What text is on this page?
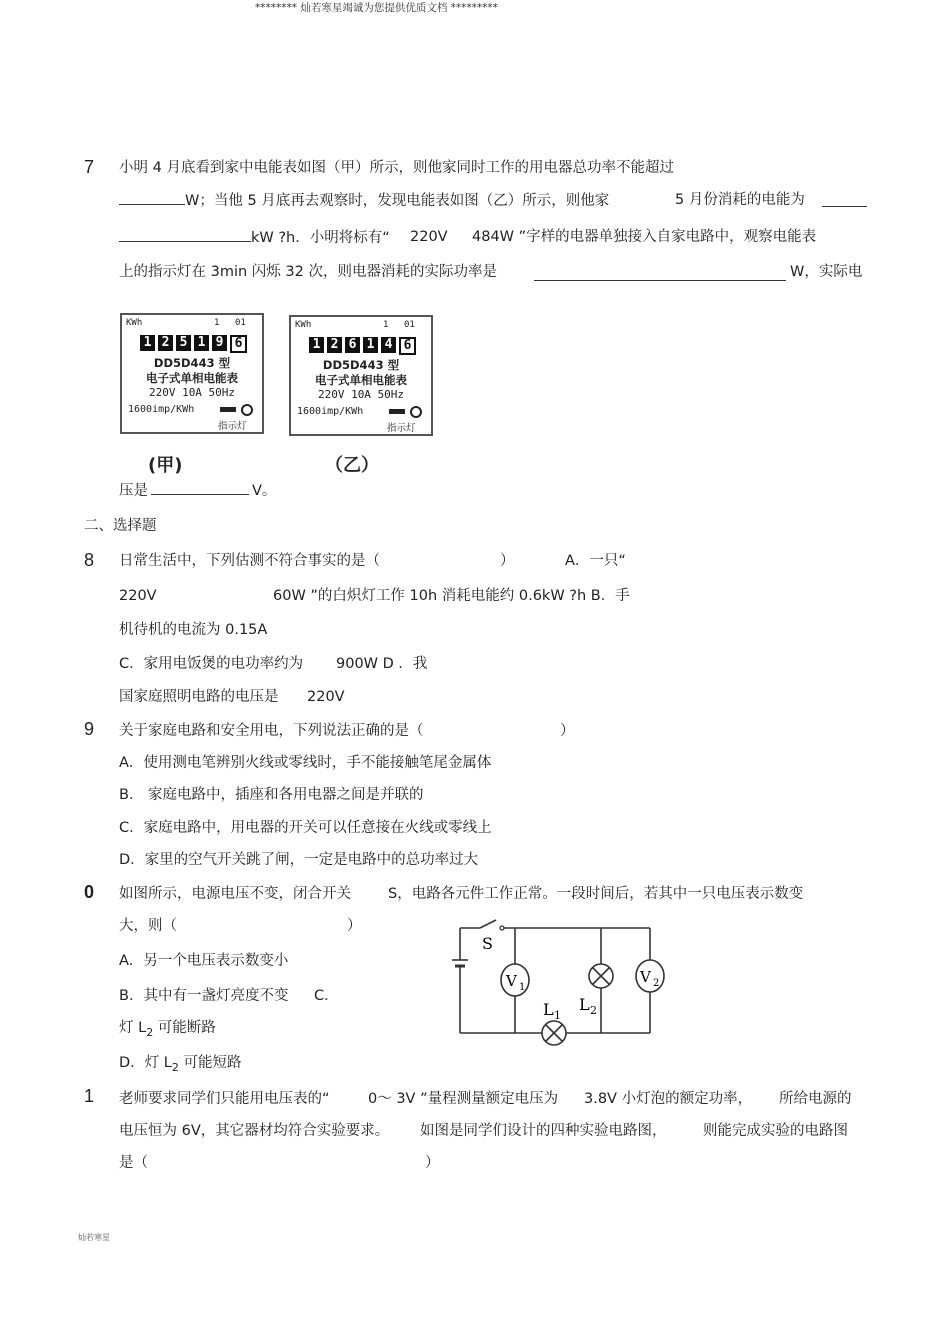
******** 灿若寒星竭诚为您提供优质文档 *********
7 小明 4 月底看到家中电能表如图（甲）所示，则他家同时工作的用电器总功率不能超过
W；当他 5 月底再去观察时，发现电能表如图（乙）所示，则他家	5 月份消耗的电能为
kW ?h．小明将标有“ 220V 484W ”字样的电器单独接入自家电路中，观察电能表
上的指示灯在 3min 闪烁 32 次，则电器消耗的实际功率是	W，实际电
KWh	1 01
1 2 5 1 9 6
DD5D443 型
电子式单相电能表
220V 10A 50Hz
1600imp/KWh
指示灯
(甲)
KWh	1 01
1 2 6 1 4 6
DD5D443 型
电子式单相电能表
220V 10A 50Hz
1600imp/KWh
指示灯
（乙）
压是	V。
二、选择题
8 日常生活中，下列估测不符合事实的是（	）	A．一只“
220V	60W ”的白炽灯工作 10h 消耗电能约 0.6kW ?h B．手
机待机的电流为 0.15A
C．家用电饭煲的电功率约为 900W D ．我
国家庭照明电路的电压是 220V
9 关于家庭电路和安全用电，下列说法正确的是（	）
A．使用测电笔辨别火线或零线时，手不能接触笔尾金属体
B． 家庭电路中，插座和各用电器之间是并联的
C．家庭电路中，用电器的开关可以任意接在火线或零线上
D．家里的空气开关跳了闸，一定是电路中的总功率过大
0 如图所示，电源电压不变，闭合开关	S，电路各元件工作正常。一段时间后，若其中一只电压表示数变
大，则（	）
A．另一个电压表示数变小
B．其中有一盏灯亮度不变 C．
灯 $L_2$ 可能断路
D．灯 $L_2$ 可能短路
S
V 1
L 2
V 2
L 1
1 老师要求同学们只能用电压表的“	0～ 3V ”量程测量额定电压为 3.8V 小灯泡的额定功率， 所给电源的
电压恒为 6V，其它器材均符合实验要求。 如图是同学们设计的四种实验电路图，	则能完成实验的电路图
是（	）
灿若寒星
